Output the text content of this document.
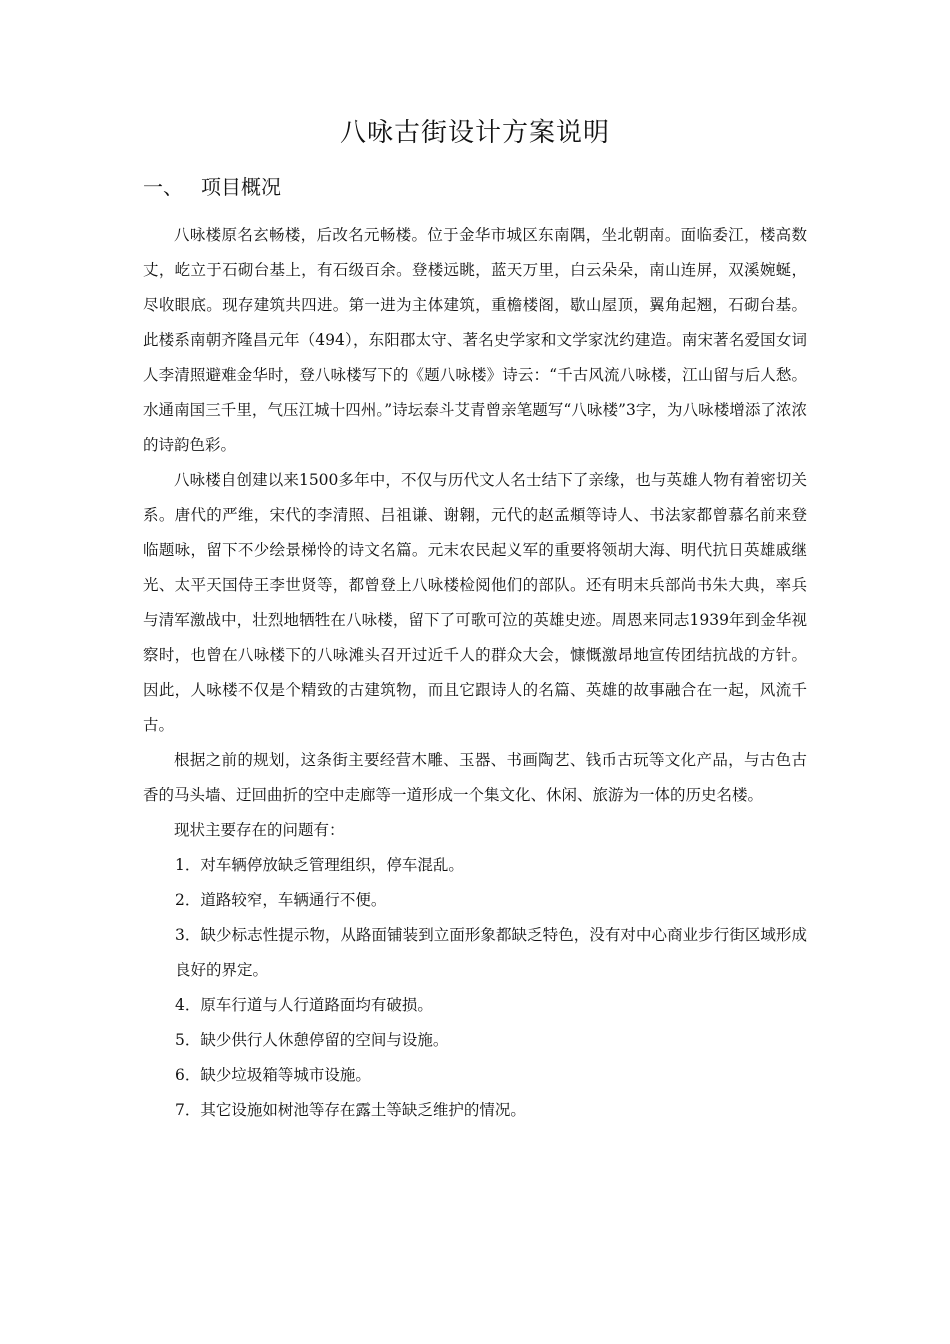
八咏古街设计方案说明
一、 项目概况

八咏楼原名玄畅楼，后改名元畅楼。位于金华市城区东南隅，坐北朝南。面临委江，楼高数丈，屹立于石砌台基上，有石级百余。登楼远眺，蓝天万里，白云朵朵，南山连屏，双溪婉蜒，尽收眼底。现存建筑共四进。第一进为主体建筑，重檐楼阁，歇山屋顶，翼角起翘，石砌台基。此楼系南朝齐隆昌元年（494），东阳郡太守、著名史学家和文学家沈约建造。南宋著名爱国女词人李清照避难金华时，登八咏楼写下的《题八咏楼》诗云：“千古风流八咏楼，江山留与后人愁。水通南国三千里，气压江城十四州。”诗坛泰斗艾青曾亲笔题写“八咏楼”3字，为八咏楼增添了浓浓的诗韵色彩。

八咏楼自创建以来1500多年中，不仅与历代文人名士结下了亲缘，也与英雄人物有着密切关系。唐代的严维，宋代的李清照、吕祖谦、谢翱，元代的赵孟頫等诗人、书法家都曾慕名前来登临题咏，留下不少绘景梯怜的诗文名篇。元末农民起义军的重要将领胡大海、明代抗日英雄戚继光、太平天国侍王李世贤等，都曾登上八咏楼检阅他们的部队。还有明末兵部尚书朱大典，率兵与清军激战中，壮烈地牺牲在八咏楼，留下了可歌可泣的英雄史迹。周恩来同志1939年到金华视察时，也曾在八咏楼下的八咏滩头召开过近千人的群众大会，慷慨激昂地宣传团结抗战的方针。因此，人咏楼不仅是个精致的古建筑物，而且它跟诗人的名篇、英雄的故事融合在一起，风流千古。

根据之前的规划，这条街主要经营木雕、玉器、书画陶艺、钱币古玩等文化产品，与古色古香的马头墙、迂回曲折的空中走廊等一道形成一个集文化、休闲、旅游为一体的历史名楼。

现状主要存在的问题有：

1．对车辆停放缺乏管理组织，停车混乱。
2．道路较窄，车辆通行不便。
3．缺少标志性提示物，从路面铺装到立面形象都缺乏特色，没有对中心商业步行街区域形成良好的界定。
4．原车行道与人行道路面均有破损。
5．缺少供行人休憩停留的空间与设施。
6．缺少垃圾箱等城市设施。
7．其它设施如树池等存在露土等缺乏维护的情况。
